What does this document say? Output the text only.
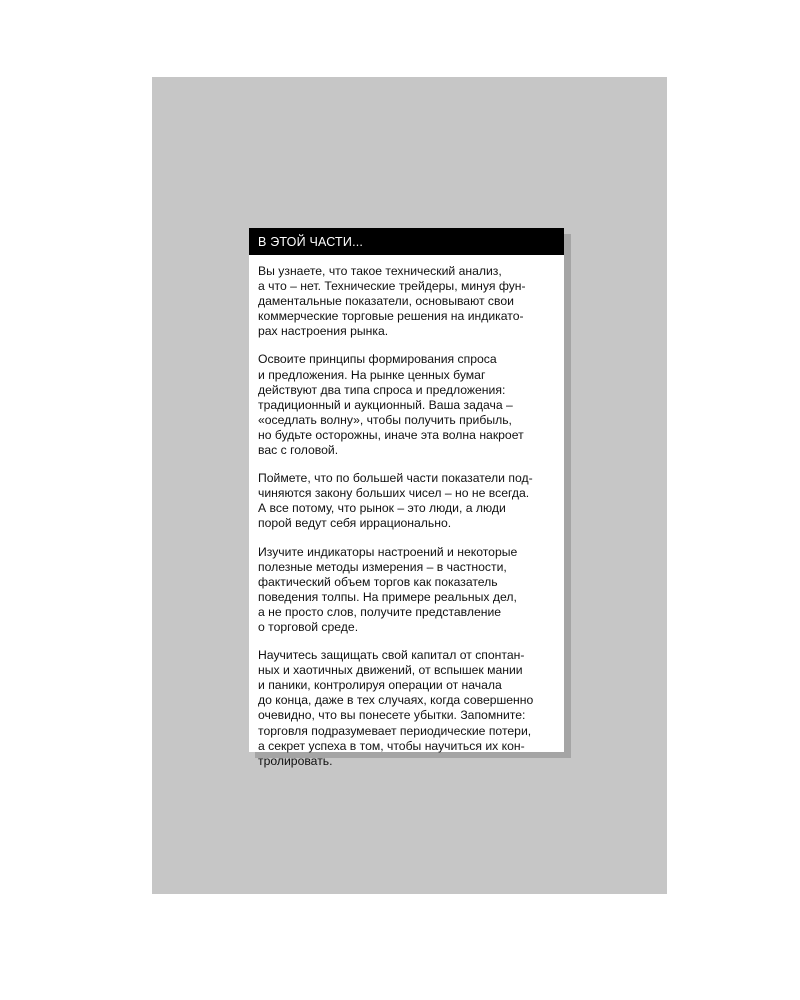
В ЭТОЙ ЧАСТИ...

Вы узнаете, что такое технический анализ,
а что – нет. Технические трейдеры, минуя фун-
даментальные показатели, основывают свои
коммерческие торговые решения на индикато-
рах настроения рынка.

Освоите принципы формирования спроса
и предложения. На рынке ценных бумаг
действуют два типа спроса и предложения:
традиционный и аукционный. Ваша задача –
«оседлать волну», чтобы получить прибыль,
но будьте осторожны, иначе эта волна накроет
вас с головой.

Поймете, что по большей части показатели под-
чиняются закону больших чисел – но не всегда.
А все потому, что рынок – это люди, а люди
порой ведут себя иррационально.

Изучите индикаторы настроений и некоторые
полезные методы измерения – в частности,
фактический объем торгов как показатель
поведения толпы. На примере реальных дел,
а не просто слов, получите представление
о торговой среде.

Научитесь защищать свой капитал от спонтан-
ных и хаотичных движений, от вспышек мании
и паники, контролируя операции от начала
до конца, даже в тех случаях, когда совершенно
очевидно, что вы понесете убытки. Запомните:
торговля подразумевает периодические потери,
а секрет успеха в том, чтобы научиться их кон-
тролировать.
